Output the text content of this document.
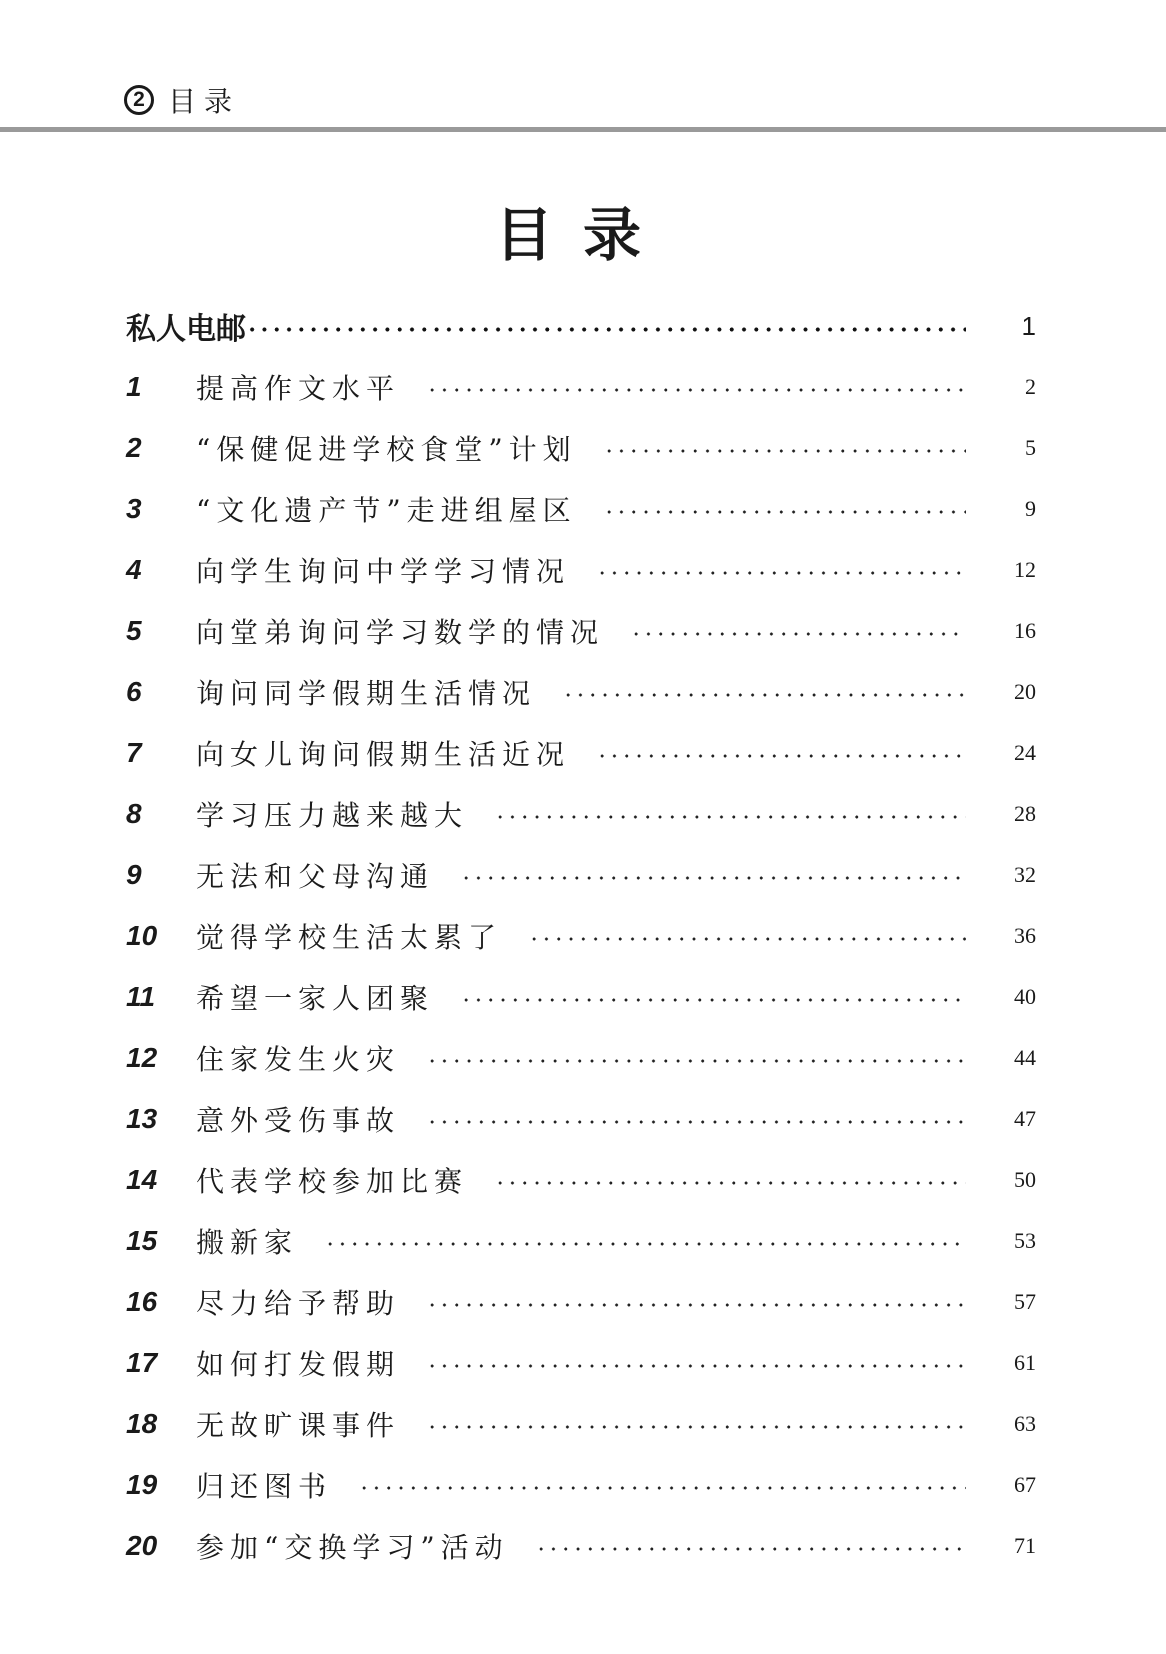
2 目录
目录
私人电邮	1
1	提高作文水平	2
2	“保健促进学校食堂”计划	5
3	“文化遗产节”走进组屋区	9
4	向学生询问中学学习情况	12
5	向堂弟询问学习数学的情况	16
6	询问同学假期生活情况	20
7	向女儿询问假期生活近况	24
8	学习压力越来越大	28
9	无法和父母沟通	32
10	觉得学校生活太累了	36
11	希望一家人团聚	40
12	住家发生火灾	44
13	意外受伤事故	47
14	代表学校参加比赛	50
15	搬新家	53
16	尽力给予帮助	57
17	如何打发假期	61
18	无故旷课事件	63
19	归还图书	67
20	参加“交换学习”活动	71
